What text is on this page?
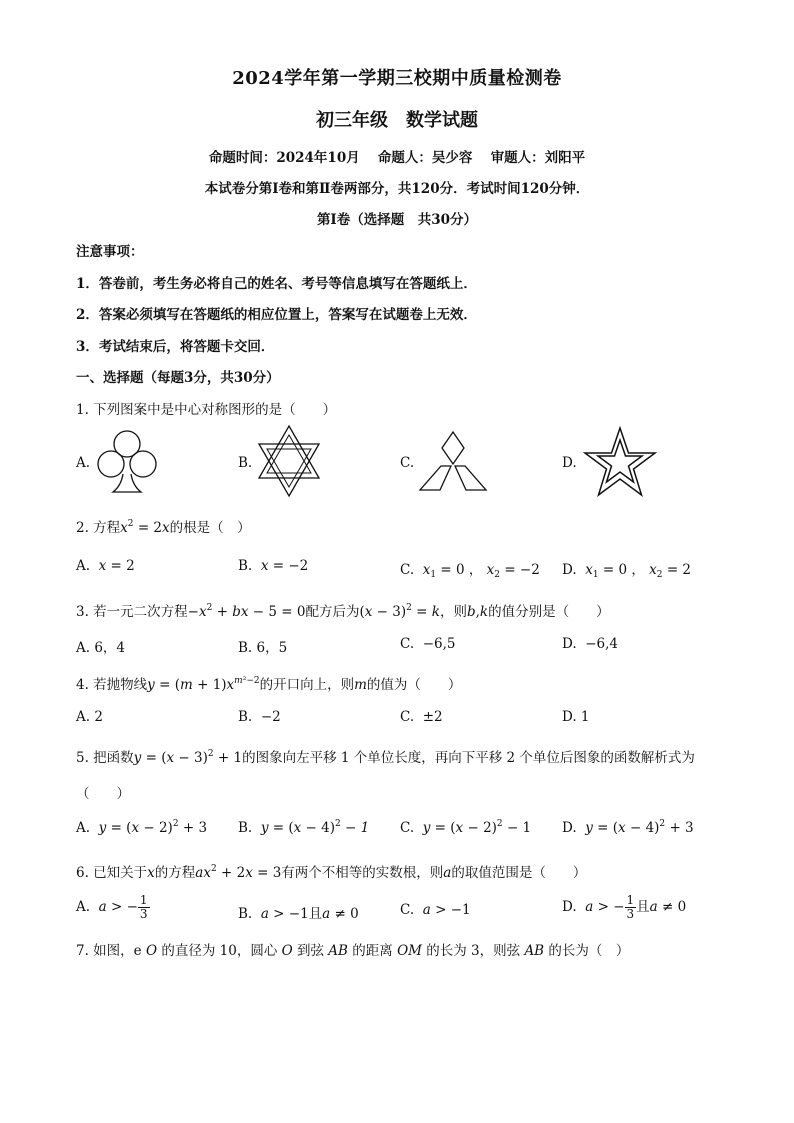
2024学年第一学期三校期中质量检测卷
初三年级　数学试题
命题时间：2024年10月　 命题人：吴少容　 审题人：刘阳平
本试卷分第Ⅰ卷和第Ⅱ卷两部分，共120分．考试时间120分钟．
第Ⅰ卷（选择题　共30分）
注意事项：
1．答卷前，考生务必将自己的姓名、考号等信息填写在答题纸上．
2．答案必须填写在答题纸的相应位置上，答案写在试题卷上无效．
3．考试结束后，将答题卡交回．
一、选择题（每题3分，共30分）
1. 下列图案中是中心对称图形的是（　　）
A.	B.	C.	D.
2. 方程$x^2 = 2x$的根是（　）
A. x = 2	B. x = −2	C. $x_1 = 0$ ， $x_2 = -2$ D. $x_1 = 0$ ， $x_2 = 2$
3. 若一元二次方程$-x^2$ + bx − 5 = 0配方后为$(x - 3)^2 = k$，则b,k的值分别是（　　）
A. 6，4	B. 6，5	C. −6,5	D. −6,4
4. 若抛物线$y = (m + 1)x^{m^2-2}$的开口向上，则m的值为（　　）
A. 2	B. −2	C. ±2	D. 1
5. 把函数$y = (x - 3)^2 + 1$的图象向左平移 1 个单位长度，再向下平移 2 个单位后图象的函数解析式为
（　　）
A. $y = (x - 2)^2 + 3$ B. $y = (x - 4)^2 - 1$ C. $y = (x - 2)^2 - 1$ D. $y = (x - 4)^2 + 3$
6. 已知关于x的方程$ax^2 + 2x = 3$有两个不相等的实数根，则a的取值范围是（　　）
A. a > − $\frac{1}{3}$	B. a > −1且a ≠ 0	C. a > −1	D. a > − $\frac{1}{3}$ 且a ≠ 0
7. 如图，e O 的直径为 10，圆心 O 到弦 AB 的距离 OM 的长为 3，则弦 AB 的长为（　）
